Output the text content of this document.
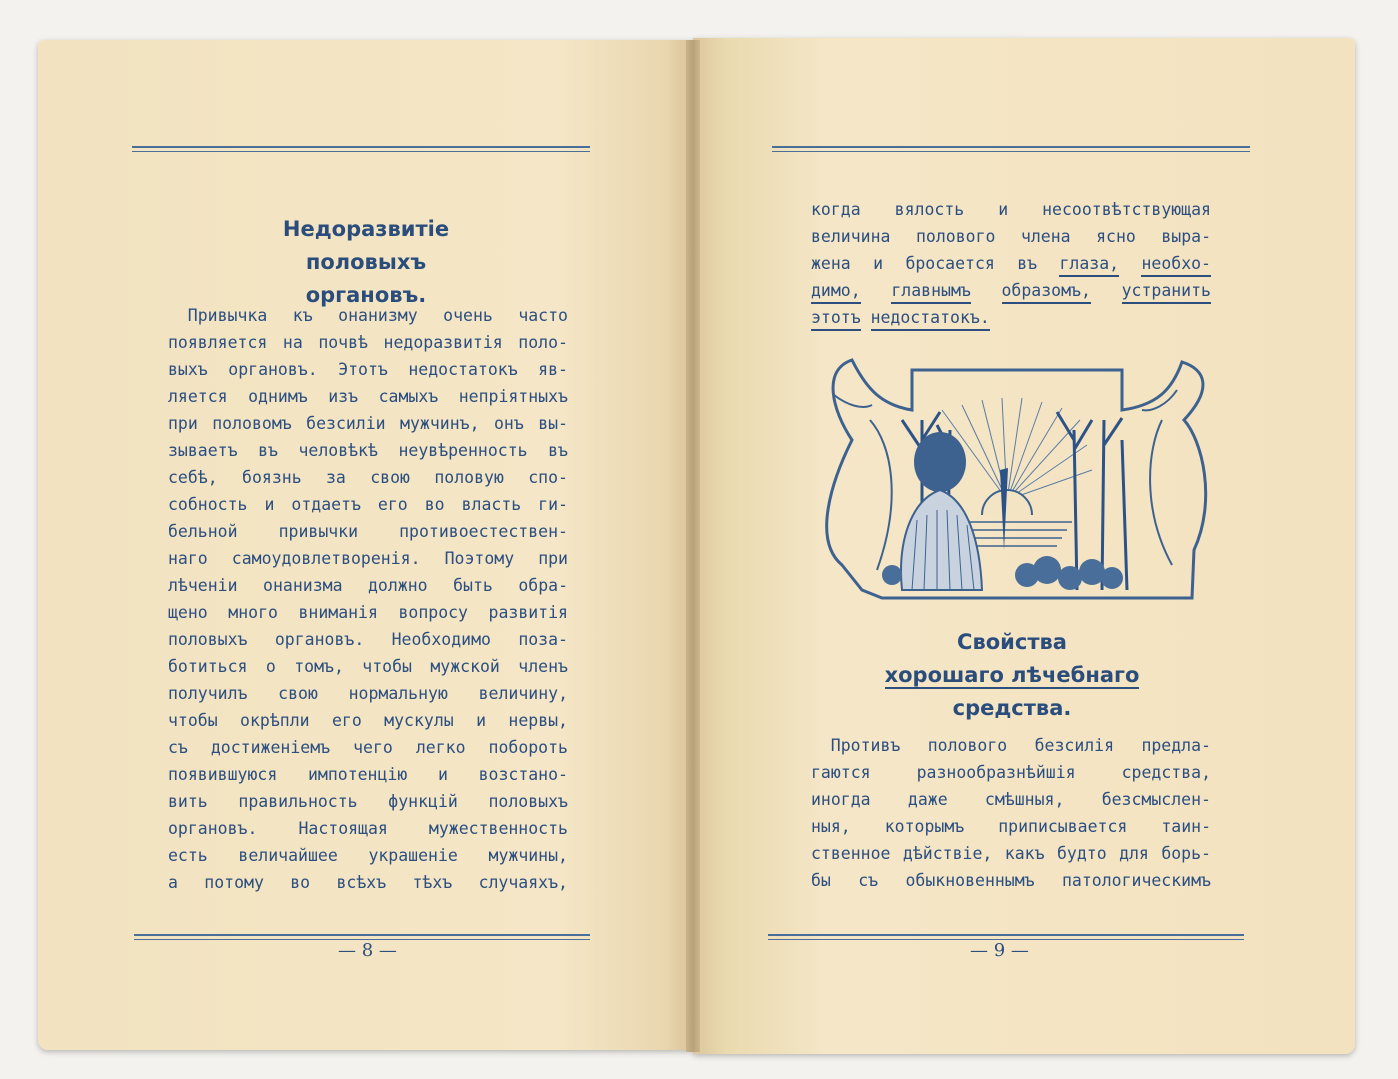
Недоразвитіе
половыхъ органовъ.
Привычка къ онанизму очень часто
появляется на почвѣ недоразвитія поло-
выхъ органовъ. Этотъ недостатокъ яв-
ляется однимъ изъ самыхъ непріятныхъ
при половомъ безсиліи мужчинъ, онъ вы-
зываетъ въ человѣкѣ неувѣренность въ
себѣ, боязнь за свою половую спо-
собность и отдаетъ его во власть ги-
бельной привычки противоестествен-
наго самоудовлетворенія. Поэтому при
лѣченіи онанизма должно быть обра-
щено много вниманія вопросу развитія
половыхъ органовъ. Необходимо поза-
ботиться о томъ, чтобы мужской членъ
получилъ свою нормальную величину,
чтобы окрѣпли его мускулы и нервы,
съ достиженіемъ чего легко побороть
появившуюся импотенцію и возстано-
вить правильность функцій половыхъ
органовъ. Настоящая мужественность
есть величайшее украшеніе мужчины,
а потому во всѣхъ тѣхъ случаяхъ,
— 8 —
когда вялость и несоотвѣтствующая
величина полового члена ясно выра-
жена и бросается въ глаза, необхо-
димо, главнымъ образомъ, устранить
этотъ недостатокъ.
Свойства
хорошаго лѣчебнаго
средства.
Противъ полового безсилія предла-
гаются	разнообразнѣйшія	средства,
иногда даже смѣшныя, безсмыслен-
ныя, которымъ приписывается таин-
ственное дѣйствіе, какъ будто для борь-
бы съ обыкновеннымъ патологическимъ
— 9 —
